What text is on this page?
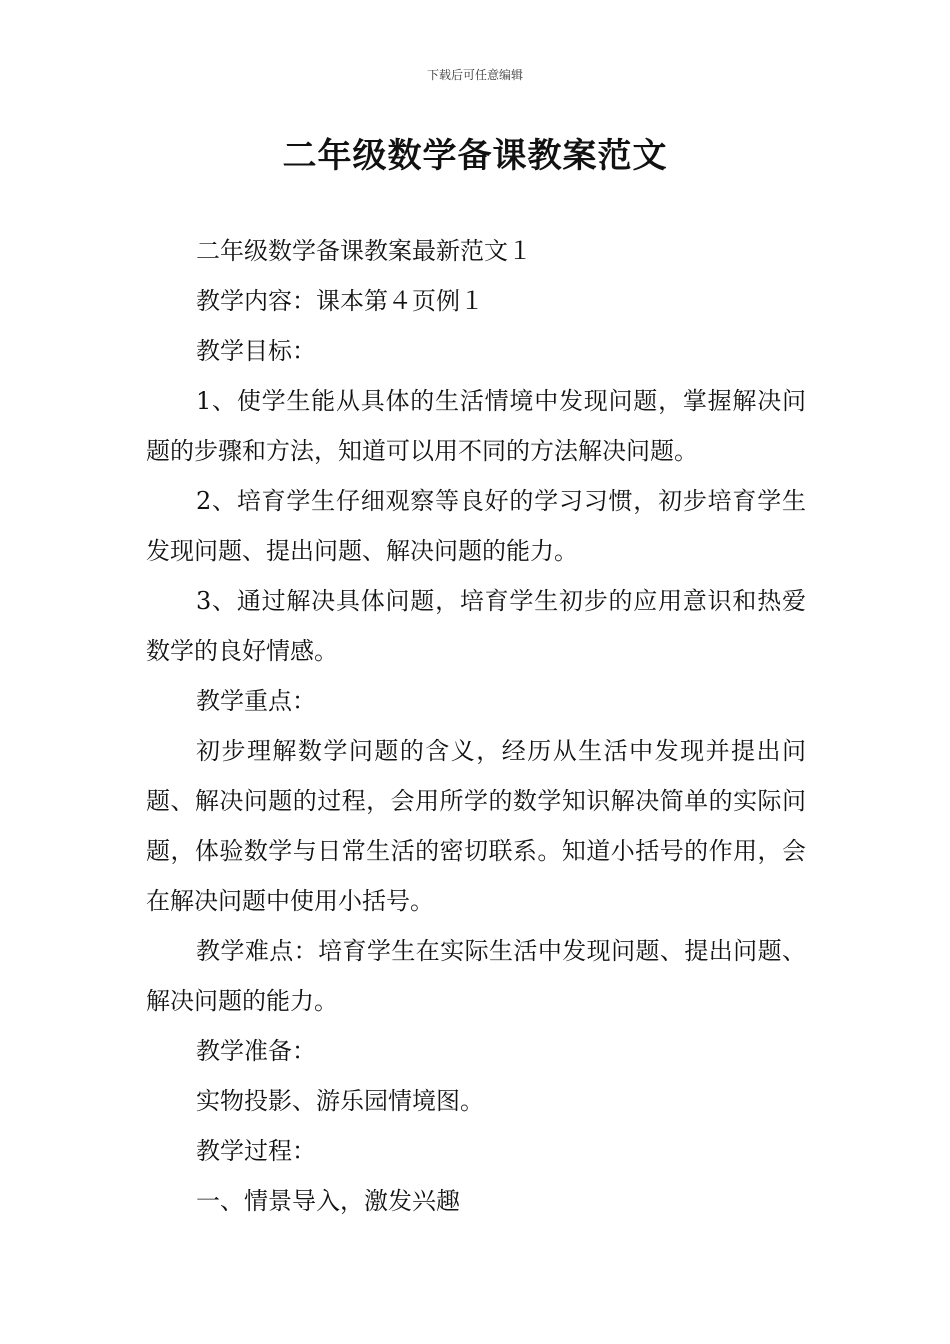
下载后可任意编辑
二年级数学备课教案范文

二年级数学备课教案最新范文１

教学内容：课本第４页例１

教学目标：

1、使学生能从具体的生活情境中发现问题，掌握解决问题的步骤和方法，知道可以用不同的方法解决问题。

2、培育学生仔细观察等良好的学习习惯，初步培育学生发现问题、提出问题、解决问题的能力。

3、通过解决具体问题，培育学生初步的应用意识和热爱数学的良好情感。

教学重点：

初步理解数学问题的含义，经历从生活中发现并提出问题、解决问题的过程，会用所学的数学知识解决简单的实际问题，体验数学与日常生活的密切联系。知道小括号的作用，会在解决问题中使用小括号。

教学难点：培育学生在实际生活中发现问题、提出问题、解决问题的能力。

教学准备：

实物投影、游乐园情境图。

教学过程：

一、情景导入，激发兴趣
